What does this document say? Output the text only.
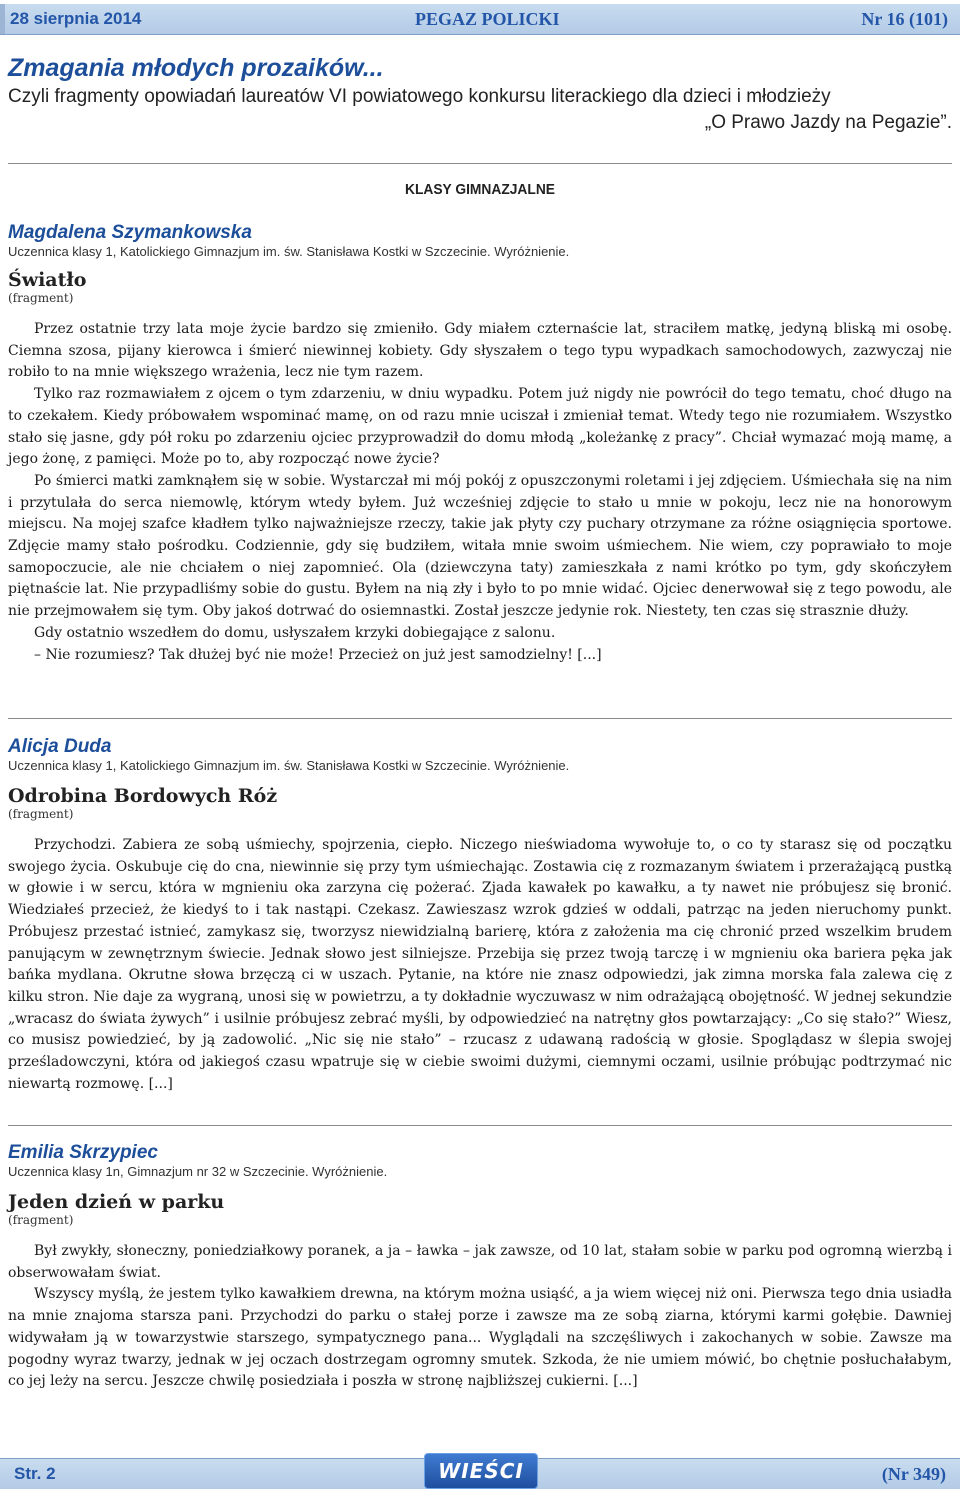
28 sierpnia 2014	PEGAZ POLICKI	Nr 16 (101)

Zmagania młodych prozaików...

Czyli fragmenty opowiadań laureatów VI powiatowego konkursu literackiego dla dzieci i młodzieży

„O Prawo Jazdy na Pegazie”.

KLASY GIMNAZJALNE

Magdalena Szymankowska

Uczennica klasy 1, Katolickiego Gimnazjum im. św. Stanisława Kostki w Szczecinie. Wyróżnienie.

Światło

(fragment)

Przez ostatnie trzy lata moje życie bardzo się zmieniło. Gdy miałem czternaście lat, straciłem matkę, jedyną bliską mi osobę. Ciemna szosa, pijany kierowca i śmierć niewinnej kobiety. Gdy słyszałem o tego typu wypadkach samochodowych, zazwyczaj nie robiło to na mnie większego wrażenia, lecz nie tym razem.

Tylko raz rozmawiałem z ojcem o tym zdarzeniu, w dniu wypadku. Potem już nigdy nie powrócił do tego tematu, choć długo na to czekałem. Kiedy próbowałem wspominać mamę, on od razu mnie uciszał i zmieniał temat. Wtedy tego nie rozumiałem. Wszystko stało się jasne, gdy pół roku po zdarzeniu ojciec przyprowadził do domu młodą „koleżankę z pracy”. Chciał wymazać moją mamę, a jego żonę, z pamięci. Może po to, aby rozpocząć nowe życie?

Po śmierci matki zamknąłem się w sobie. Wystarczał mi mój pokój z opuszczonymi roletami i jej zdjęciem. Uśmiechała się na nim i przytulała do serca niemowlę, którym wtedy byłem. Już wcześniej zdjęcie to stało u mnie w pokoju, lecz nie na honorowym miejscu. Na mojej szafce kładłem tylko najważniejsze rzeczy, takie jak płyty czy puchary otrzymane za różne osiągnięcia sportowe. Zdjęcie mamy stało pośrodku. Codziennie, gdy się budziłem, witała mnie swoim uśmiechem. Nie wiem, czy poprawiało to moje samopoczucie, ale nie chciałem o niej zapomnieć. Ola (dziewczyna taty) zamieszkała z nami krótko po tym, gdy skończyłem piętnaście lat. Nie przypadliśmy sobie do gustu. Byłem na nią zły i było to po mnie widać. Ojciec denerwował się z tego powodu, ale nie przejmowałem się tym. Oby jakoś dotrwać do osiemnastki. Został jeszcze jedynie rok. Niestety, ten czas się strasznie dłuży.

Gdy ostatnio wszedłem do domu, usłyszałem krzyki dobiegające z salonu.

– Nie rozumiesz? Tak dłużej być nie może! Przecież on już jest samodzielny! [...]

Alicja Duda

Uczennica klasy 1, Katolickiego Gimnazjum im. św. Stanisława Kostki w Szczecinie. Wyróżnienie.

Odrobina Bordowych Róż

(fragment)

Przychodzi. Zabiera ze sobą uśmiechy, spojrzenia, ciepło. Niczego nieświadoma wywołuje to, o co ty starasz się od początku swojego życia. Oskubuje cię do cna, niewinnie się przy tym uśmiechając. Zostawia cię z rozmazanym światem i przerażającą pustką w głowie i w sercu, która w mgnieniu oka zarzyna cię pożerać. Zjada kawałek po kawałku, a ty nawet nie próbujesz się bronić. Wiedziałeś przecież, że kiedyś to i tak nastąpi. Czekasz. Zawieszasz wzrok gdzieś w oddali, patrząc na jeden nieruchomy punkt. Próbujesz przestać istnieć, zamykasz się, tworzysz niewidzialną barierę, która z założenia ma cię chronić przed wszelkim brudem panującym w zewnętrznym świecie. Jednak słowo jest silniejsze. Przebija się przez twoją tarczę i w mgnieniu oka bariera pęka jak bańka mydlana. Okrutne słowa brzęczą ci w uszach. Pytanie, na które nie znasz odpowiedzi, jak zimna morska fala zalewa cię z kilku stron. Nie daje za wygraną, unosi się w powietrzu, a ty dokładnie wyczuwasz w nim odrażającą obojętność. W jednej sekundzie „wracasz do świata żywych” i usilnie próbujesz zebrać myśli, by odpowiedzieć na natrętny głos powtarzający: „Co się stało?” Wiesz, co musisz powiedzieć, by ją zadowolić. „Nic się nie stało” – rzucasz z udawaną radością w głosie. Spoglądasz w ślepia swojej prześladowczyni, która od jakiegoś czasu wpatruje się w ciebie swoimi dużymi, ciemnymi oczami, usilnie próbując podtrzymać nic niewartą rozmowę. [...]

Emilia Skrzypiec

Uczennica klasy 1n, Gimnazjum nr 32 w Szczecinie. Wyróżnienie.

Jeden dzień w parku

(fragment)

Był zwykły, słoneczny, poniedziałkowy poranek, a ja – ławka – jak zawsze, od 10 lat, stałam sobie w parku pod ogromną wierzbą i obserwowałam świat.

Wszyscy myślą, że jestem tylko kawałkiem drewna, na którym można usiąść, a ja wiem więcej niż oni. Pierwsza tego dnia usiadła na mnie znajoma starsza pani. Przychodzi do parku o stałej porze i zawsze ma ze sobą ziarna, którymi karmi gołębie. Dawniej widywałam ją w towarzystwie starszego, sympatycznego pana... Wyglądali na szczęśliwych i zakochanych w sobie. Zawsze ma pogodny wyraz twarzy, jednak w jej oczach dostrzegam ogromny smutek. Szkoda, że nie umiem mówić, bo chętnie posłuchałabym, co jej leży na sercu. Jeszcze chwilę posiedziała i poszła w stronę najbliższej cukierni. [...]

Str. 2	WIEŚCI	(Nr 349)
